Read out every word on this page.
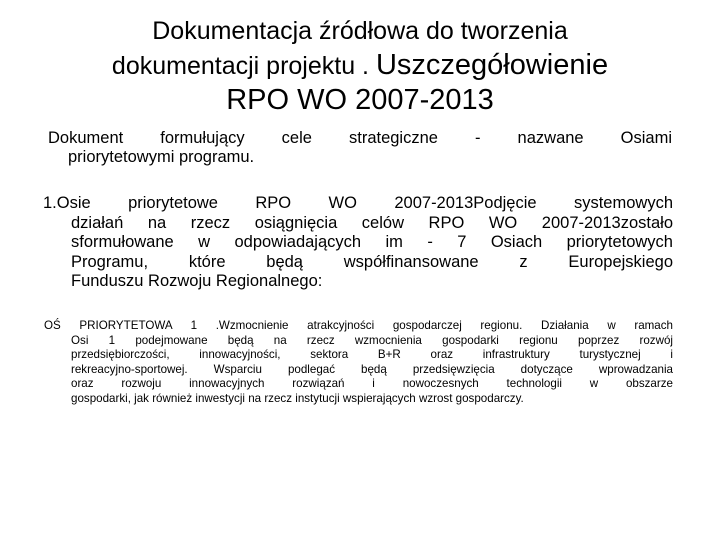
Dokumentacja źródłowa do tworzenia
dokumentacji projektu . Uszczegółowienie
RPO WO 2007-2013
Dokument formułujący cele strategiczne - nazwane Osiami
priorytetowymi programu.
1.Osie priorytetowe RPO WO 2007-2013Podjęcie systemowych
działań na rzecz osiągnięcia celów RPO WO 2007-2013zostało
sformułowane w odpowiadających im - 7 Osiach priorytetowych
Programu, które będą współfinansowane z Europejskiego
Funduszu Rozwoju Regionalnego:
OŚ PRIORYTETOWA 1 .Wzmocnienie atrakcyjności gospodarczej regionu. Działania w ramach
Osi 1 podejmowane będą na rzecz wzmocnienia gospodarki regionu poprzez rozwój
przedsiębiorczości, innowacyjności, sektora B+R oraz infrastruktury turystycznej i
rekreacyjno-sportowej. Wsparciu podlegać będą przedsięwzięcia dotyczące wprowadzania
oraz rozwoju innowacyjnych rozwiązań i nowoczesnych technologii w obszarze
gospodarki, jak również inwestycji na rzecz instytucji wspierających wzrost gospodarczy.
